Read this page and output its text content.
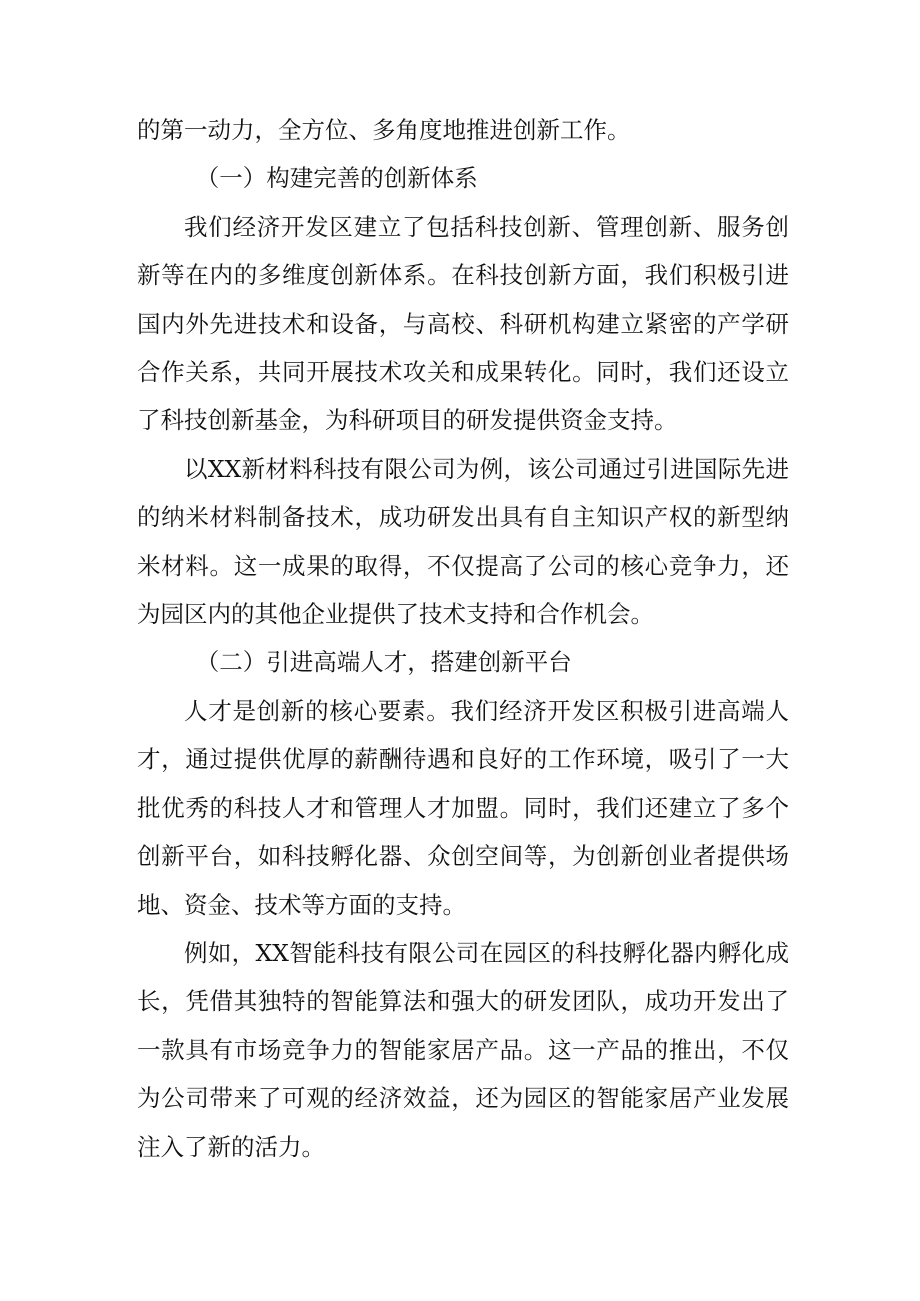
的第一动力，全方位、多角度地推进创新工作。

（一）构建完善的创新体系

我们经济开发区建立了包括科技创新、管理创新、服务创新等在内的多维度创新体系。在科技创新方面，我们积极引进国内外先进技术和设备，与高校、科研机构建立紧密的产学研合作关系，共同开展技术攻关和成果转化。同时，我们还设立了科技创新基金，为科研项目的研发提供资金支持。

以XX新材料科技有限公司为例，该公司通过引进国际先进的纳米材料制备技术，成功研发出具有自主知识产权的新型纳米材料。这一成果的取得，不仅提高了公司的核心竞争力，还为园区内的其他企业提供了技术支持和合作机会。

（二）引进高端人才，搭建创新平台

人才是创新的核心要素。我们经济开发区积极引进高端人才，通过提供优厚的薪酬待遇和良好的工作环境，吸引了一大批优秀的科技人才和管理人才加盟。同时，我们还建立了多个创新平台，如科技孵化器、众创空间等，为创新创业者提供场地、资金、技术等方面的支持。

例如，XX智能科技有限公司在园区的科技孵化器内孵化成长，凭借其独特的智能算法和强大的研发团队，成功开发出了一款具有市场竞争力的智能家居产品。这一产品的推出，不仅为公司带来了可观的经济效益，还为园区的智能家居产业发展注入了新的活力。
